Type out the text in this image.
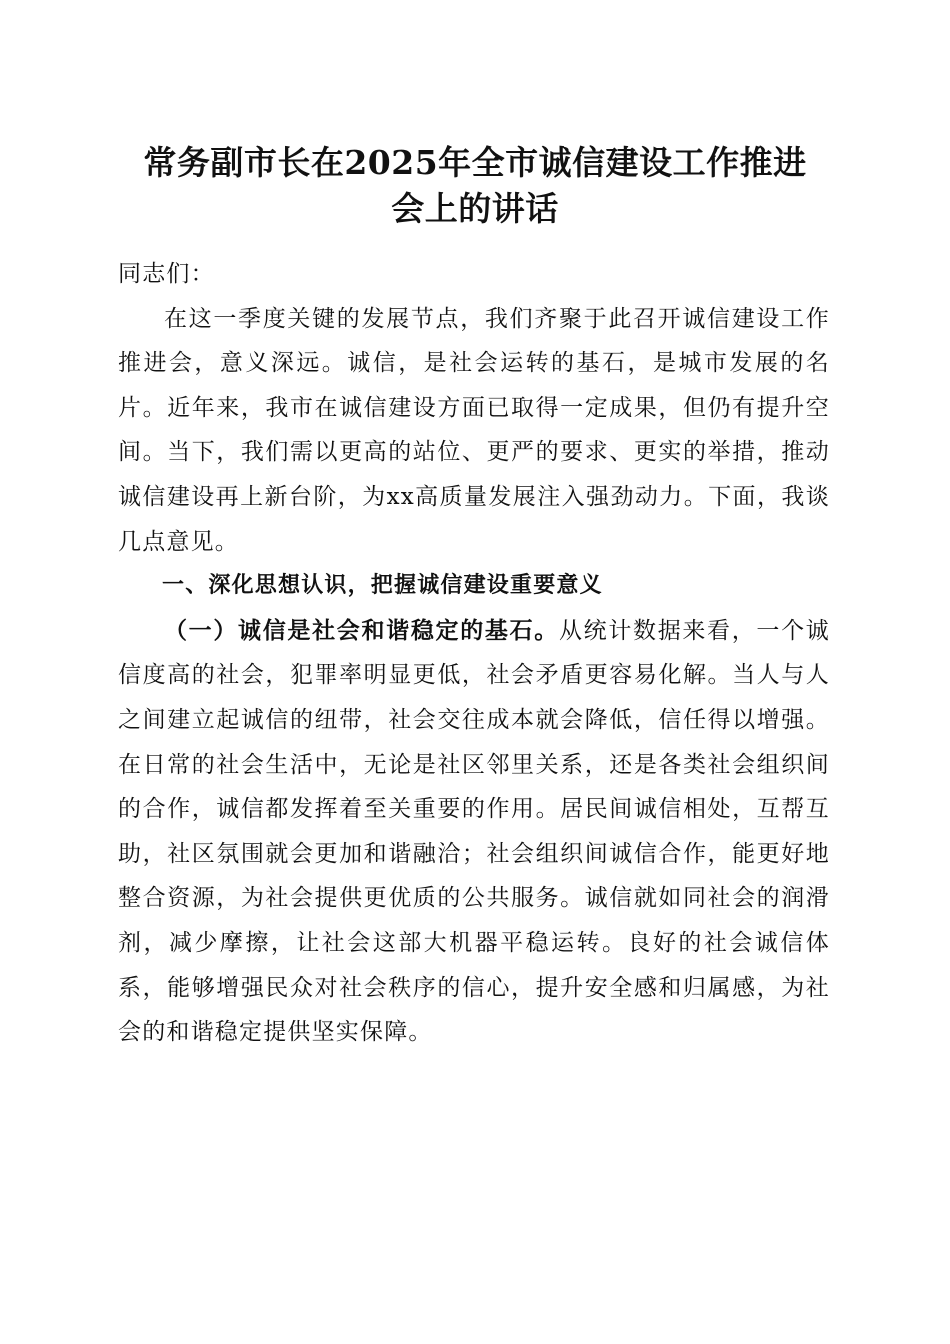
常务副市长在2025年全市诚信建设工作推进
会上的讲话

同志们：

在这一季度关键的发展节点，我们齐聚于此召开诚信建设工作推进会，意义深远。诚信，是社会运转的基石，是城市发展的名片。近年来，我市在诚信建设方面已取得一定成果，但仍有提升空间。当下，我们需以更高的站位、更严的要求、更实的举措，推动诚信建设再上新台阶，为xx高质量发展注入强劲动力。下面，我谈几点意见。

一、深化思想认识，把握诚信建设重要意义

（一）诚信是社会和谐稳定的基石。从统计数据来看，一个诚信度高的社会，犯罪率明显更低，社会矛盾更容易化解。当人与人之间建立起诚信的纽带，社会交往成本就会降低，信任得以增强。在日常的社会生活中，无论是社区邻里关系，还是各类社会组织间的合作，诚信都发挥着至关重要的作用。居民间诚信相处，互帮互助，社区氛围就会更加和谐融洽；社会组织间诚信合作，能更好地整合资源，为社会提供更优质的公共服务。诚信就如同社会的润滑剂，减少摩擦，让社会这部大机器平稳运转。良好的社会诚信体系，能够增强民众对社会秩序的信心，提升安全感和归属感，为社会的和谐稳定提供坚实保障。
